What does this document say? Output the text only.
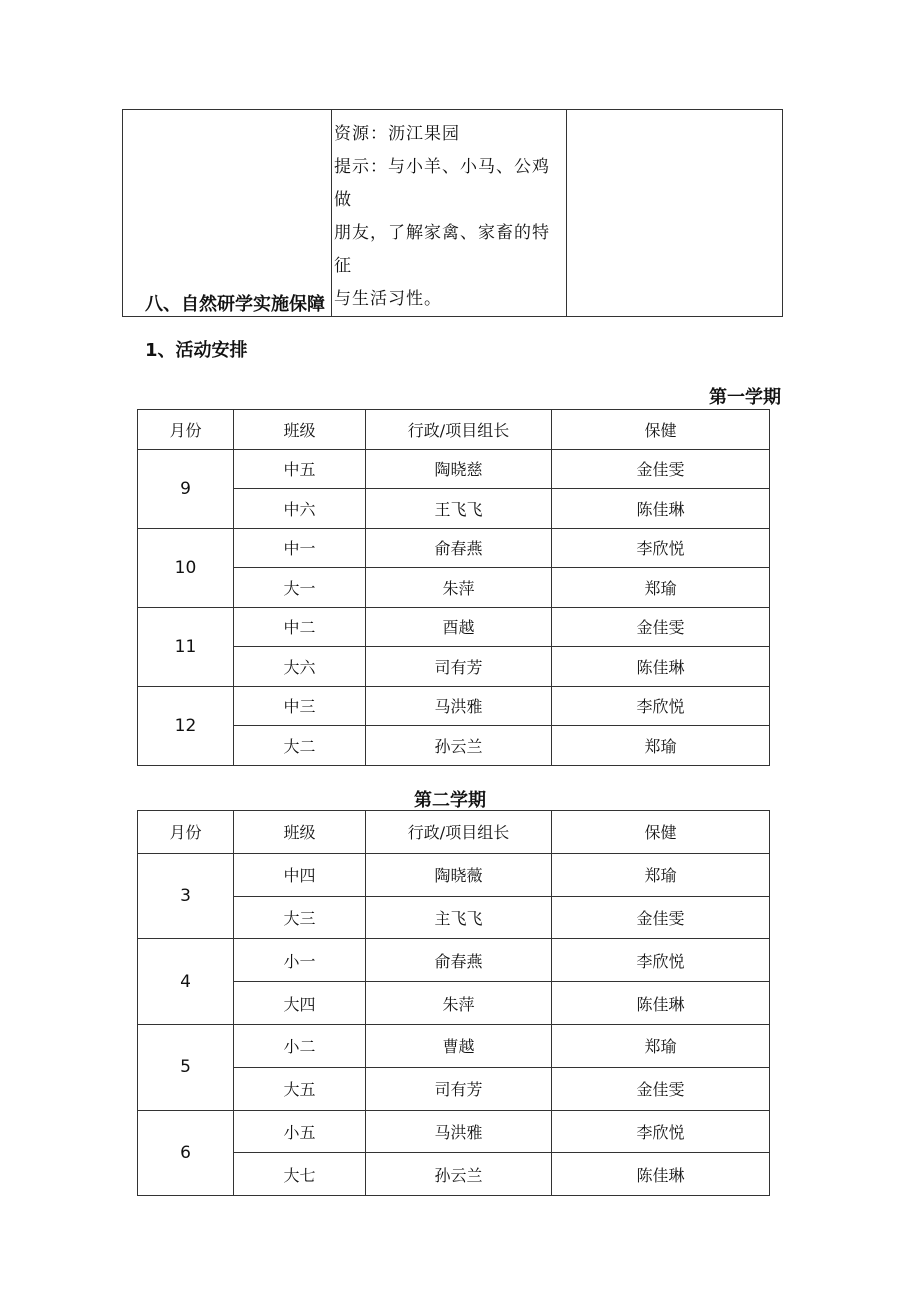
资源：沥江果园
提示：与小羊、小马、公鸡做
朋友，了解家禽、家畜的特征
与生活习性。

八、自然研学实施保障
1、活动安排
第一学期
月份	班级	行政/项目组长	保健
9	中五	陶晓慈	金佳雯
	中六	王飞飞	陈佳琳
10	中一	俞春燕	李欣悦
	大一	朱萍	郑瑜
11	中二	酉越	金佳雯
	大六	司有芳	陈佳琳
12	中三	马洪雅	李欣悦
	大二	孙云兰	郑瑜
第二学期
月份	班级	行政/项目组长	保健
3	中四	陶晓薇	郑瑜
	大三	主飞飞	金佳雯
4	小一	俞春燕	李欣悦
	大四	朱萍	陈佳琳
5	小二	曹越	郑瑜
	大五	司有芳	金佳雯
6	小五	马洪雅	李欣悦
	大七	孙云兰	陈佳琳
